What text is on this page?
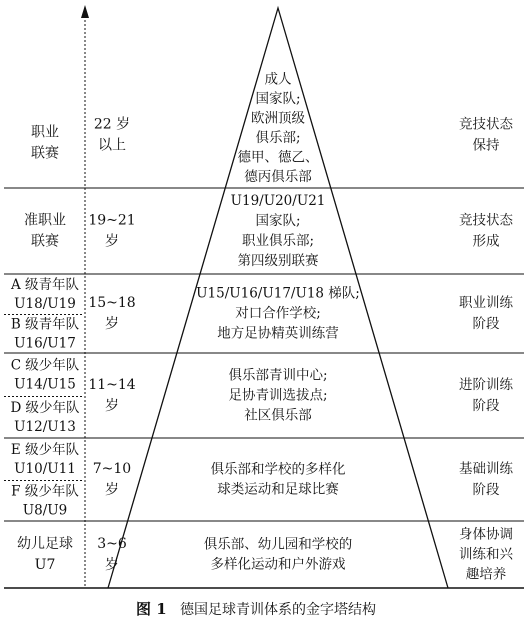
职业
联赛
22 岁
以上
成人
国家队;
欧洲顶级
俱乐部;
德甲、德乙、
德丙俱乐部
竞技状态
保持
准职业
联赛
19~21
岁
U19/U20/U21
国家队;
职业俱乐部;
第四级别联赛
竞技状态
形成
A 级青年队
U18/U19
B 级青年队
U16/U17
15~18
岁
U15/U16/U17/U18 梯队;
对口合作学校;
地方足协精英训练营
职业训练
阶段
C 级少年队
U14/U15
D 级少年队
U12/U13
11~14
岁
俱乐部青训中心;
足协青训选拔点;
社区俱乐部
进阶训练
阶段
E 级少年队
U10/U11
F 级少年队
U8/U9
7~10
岁
俱乐部和学校的多样化
球类运动和足球比赛
基础训练
阶段
幼儿足球
U7
3~6
岁
俱乐部、幼儿园和学校的
多样化运动和户外游戏
身体协调
训练和兴
趣培养
图 1 德国足球青训体系的金字塔结构
